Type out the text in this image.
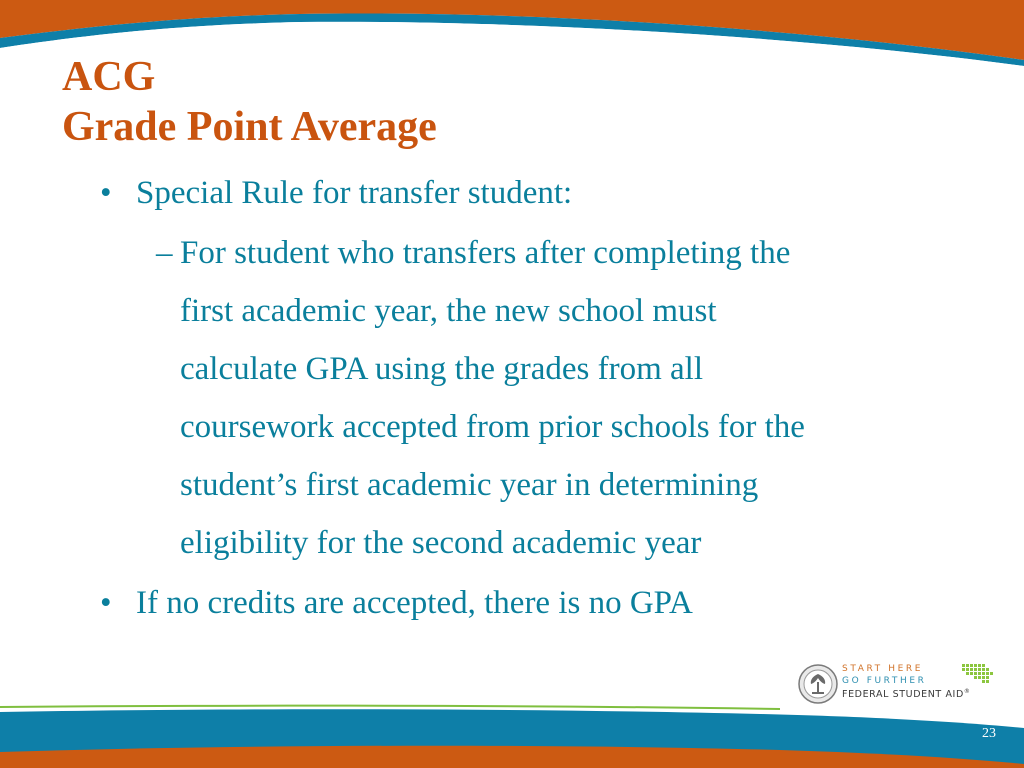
ACG
Grade Point Average
• Special Rule for transfer student:
– For student who transfers after completing the
first academic year, the new school must
calculate GPA using the grades from all
coursework accepted from prior schools for the
student’s first academic year in determining
eligibility for the second academic year
• If no credits are accepted, there is no GPA
START HERE
GO FURTHER
FEDERAL STUDENT AID®
23
